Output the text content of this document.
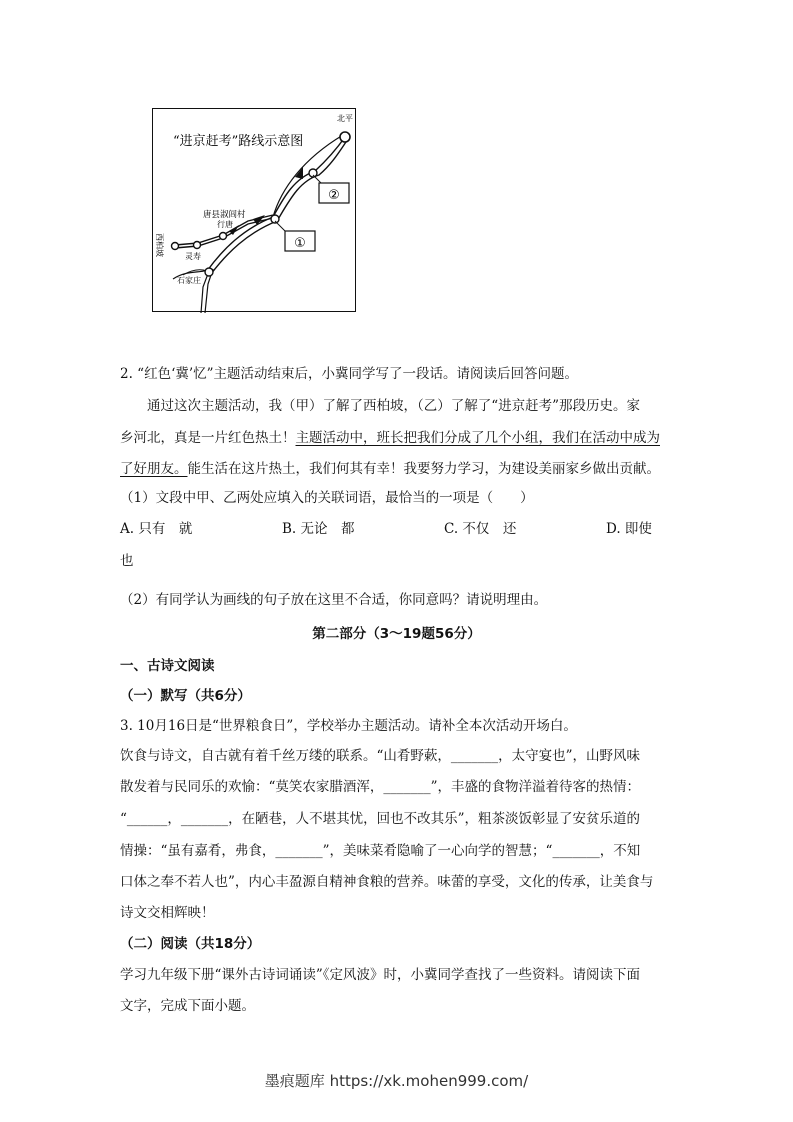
“进京赶考”路线示意图
①
②
唐县淑闾村
石家庄
灵寿
西柏坡
行唐
北平
2. “红色‘冀’忆”主题活动结束后，小冀同学写了一段话。请阅读后回答问题。
通过这次主题活动，我（甲）了解了西柏坡，（乙）了解了“进京赶考”那段历史。家
乡河北，真是一片红色热土！主题活动中，班长把我们分成了几个小组，我们在活动中成为
了好朋友。能生活在这片热土，我们何其有幸！我要努力学习，为建设美丽家乡做出贡献。
（1）文段中甲、乙两处应填入的关联词语，最恰当的一项是（　　）
A. 只有　就	B. 无论　都	C. 不仅　还	D. 即使
也
（2）有同学认为画线的句子放在这里不合适，你同意吗？请说明理由。
第二部分（3～19题56分）
一、古诗文阅读
（一）默写（共6分）
3. 10月16日是“世界粮食日”，学校举办主题活动。请补全本次活动开场白。
饮食与诗文，自古就有着千丝万缕的联系。“山肴野蔌，_______，太守宴也”，山野风味
散发着与民同乐的欢愉：“莫笑农家腊酒浑，_______”，丰盛的食物洋溢着待客的热情：
“______，_______，在陋巷，人不堪其忧，回也不改其乐”，粗茶淡饭彰显了安贫乐道的
情操：“虽有嘉肴，弗食，_______”，美味菜肴隐喻了一心向学的智慧；“_______，不知
口体之奉不若人也”，内心丰盈源自精神食粮的营养。味蕾的享受，文化的传承，让美食与
诗文交相辉映！
（二）阅读（共18分）
学习九年级下册“课外古诗词诵读”《定风波》时，小冀同学查找了一些资料。请阅读下面
文字，完成下面小题。
墨痕题库 https://xk.mohen999.com/
